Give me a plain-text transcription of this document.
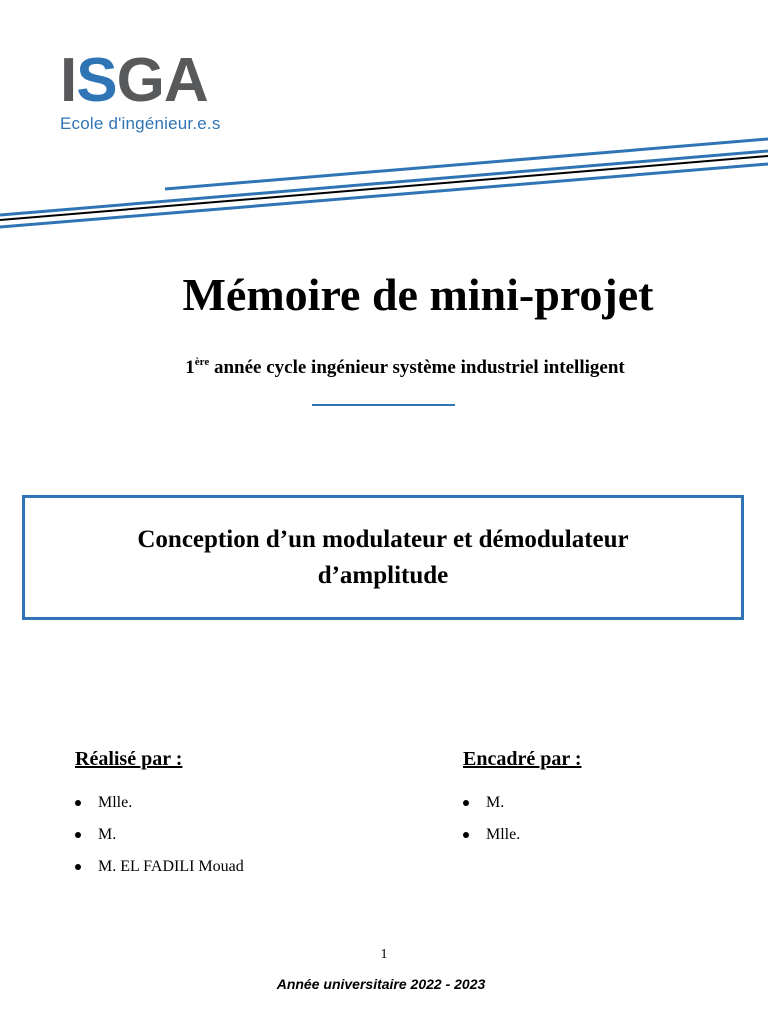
ISGA
Ecole d'ingénieur.e.s
Mémoire de mini-projet
1ère année cycle ingénieur système industriel intelligent
Conception d’un modulateur et démodulateur d’amplitude
Réalisé par :
Mlle.
M.
M. EL FADILI Mouad
Encadré par :
M.
Mlle.
1
Année universitaire 2022 - 2023
